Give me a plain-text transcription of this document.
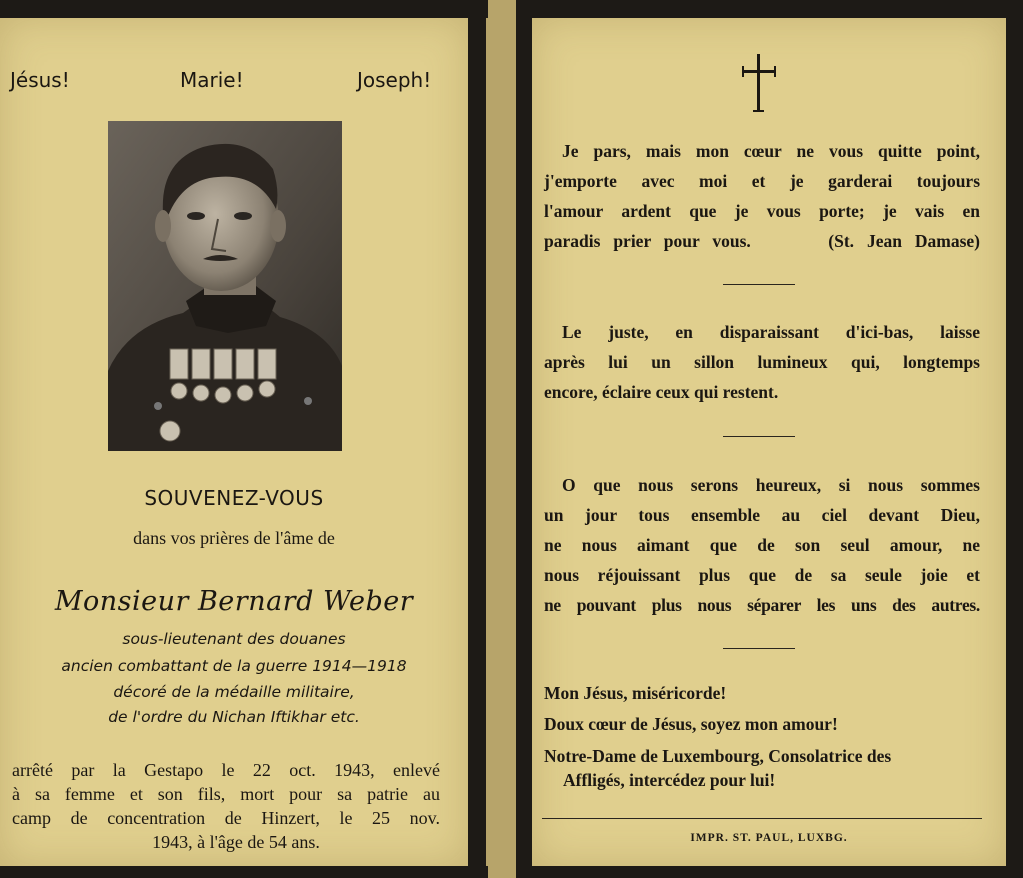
Jésus!	Marie!	Joseph!
SOUVENEZ-VOUS
dans vos prières de l'âme de
Monsieur Bernard Weber
sous-lieutenant des douanes
ancien combattant de la guerre 1914—1918
décoré de la médaille militaire,
de l'ordre du Nichan Iftikhar etc.
arrêté par la Gestapo le 22 oct. 1943, enlevé
à sa femme et son fils, mort pour sa patrie au
camp de concentration de Hinzert, le 25 nov.
1943, à l'âge de 54 ans.
Je pars, mais mon cœur ne vous quitte point,
j'emporte avec moi et je garderai toujours
l'amour ardent que je vous porte; je vais en
paradis prier pour vous.      (St. Jean Damase)
Le juste, en disparaissant d'ici-bas, laisse
après lui un sillon lumineux qui, longtemps
encore, éclaire ceux qui restent.
O que nous serons heureux, si nous sommes
un jour tous ensemble au ciel devant Dieu,
ne nous aimant que de son seul amour, ne
nous réjouissant plus que de sa seule joie et
ne pouvant plus nous séparer les uns des autres.
Mon Jésus, miséricorde!
Doux cœur de Jésus, soyez mon amour!
Notre-Dame de Luxembourg, Consolatrice des
Affligés, intercédez pour lui!
IMPR. ST. PAUL, LUXBG.
